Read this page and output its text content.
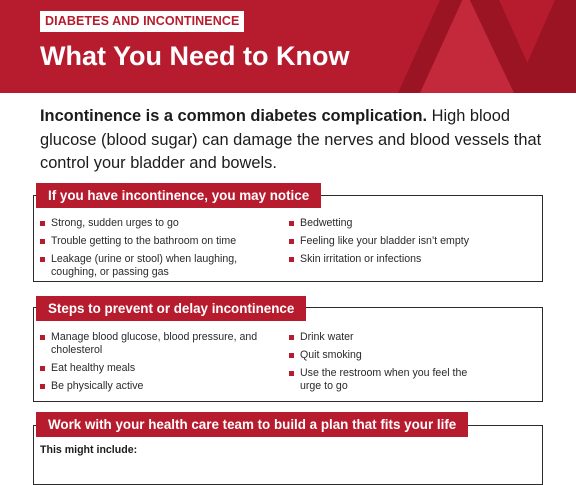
DIABETES AND INCONTINENCE
What You Need to Know

Incontinence is a common diabetes complication. High blood glucose (blood sugar) can damage the nerves and blood vessels that control your bladder and bowels.

If you have incontinence, you may notice
Strong, sudden urges to go
Trouble getting to the bathroom on time
Leakage (urine or stool) when laughing, coughing, or passing gas
Bedwetting
Feeling like your bladder isn’t empty
Skin irritation or infections
Steps to prevent or delay incontinence
Manage blood glucose, blood pressure, and cholesterol
Eat healthy meals
Be physically active
Drink water
Quit smoking
Use the restroom when you feel the urge to go
Work with your health care team to build a plan that fits your life
This might include:
